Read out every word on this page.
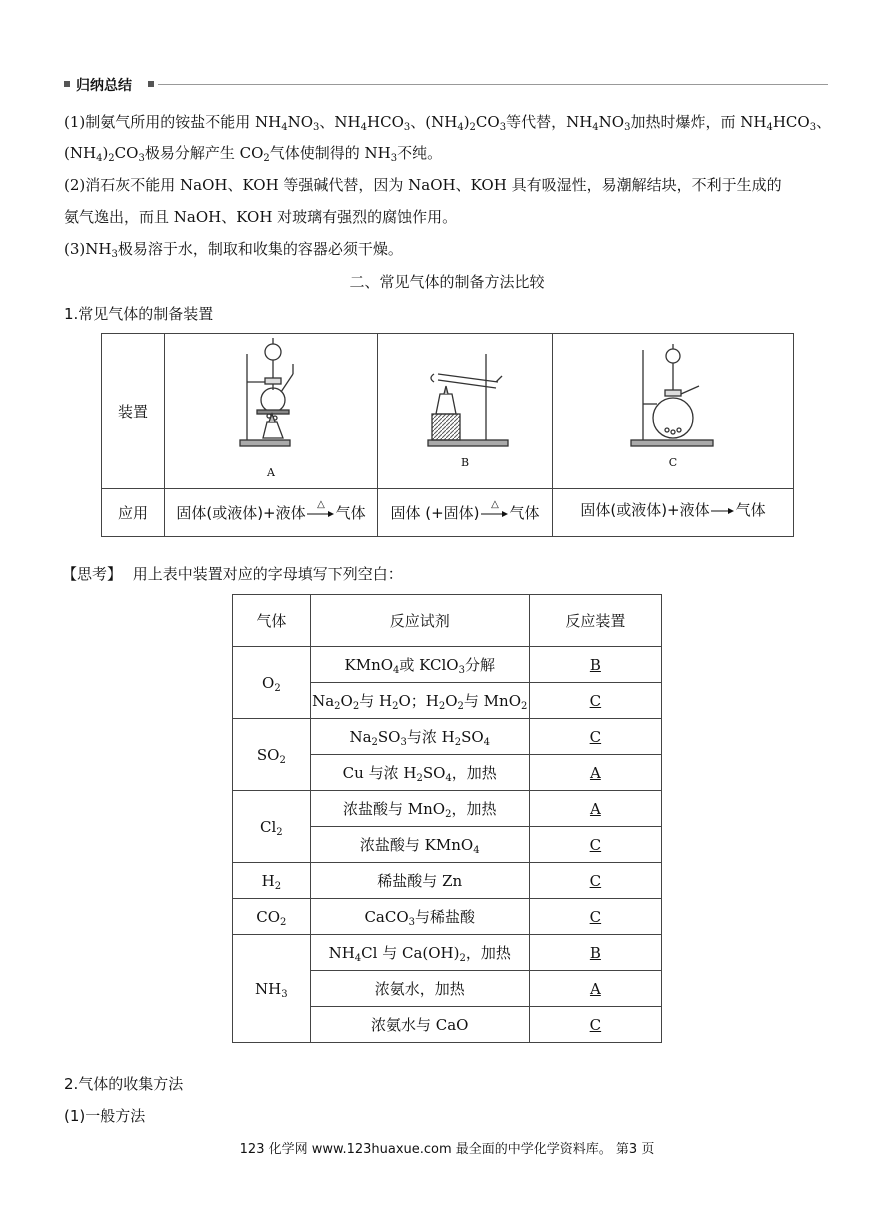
归纳总结
(1)制氨气所用的铵盐不能用 $NH_4NO_3$、$NH_4HCO_3$、$(NH_4)_2CO_3$等代替，$NH_4NO_3$加热时爆炸，而 $NH_4HCO_3$、
$(NH_4)_2CO_3$极易分解产生 $CO_2$气体使制得的 $NH_3$不纯。
(2)消石灰不能用 NaOH、KOH 等强碱代替，因为 NaOH、KOH 具有吸湿性，易潮解结块，不利于生成的
氨气逸出，而且 NaOH、KOH 对玻璃有强烈的腐蚀作用。
$(3)NH_3$极易溶于水，制取和收集的容器必须干燥。
二、常见气体的制备方法比较
1.常见气体的制备装置
装置	A	B	C

应用	固体(或液体)+液体 △ 气体	固体 (+固体) △ 气体	固体(或液体)+液体 气体
【思考】 用上表中装置对应的字母填写下列空白：
气体	反应试剂	反应装置
$O_2$	KMnO$_4$或 KClO$_3$分解	B
	$Na_2O_2$与 $H_2O$；$H_2O_2$与 MnO$_2$	C
$SO_2$	$Na_2SO_3$与浓 $H_2SO_4$	C
	Cu 与浓 $H_2SO_4$，加热	A
$Cl_2$	浓盐酸与 MnO$_2$，加热	A
	浓盐酸与 KMnO$_4$	C
$H_2$	稀盐酸与 Zn	C
$CO_2$	CaCO$_3$与稀盐酸	C
$NH_3$	$NH_4Cl$ 与 $Ca(OH)_2$，加热	B
	浓氨水，加热	A
	浓氨水与 CaO	C
2.气体的收集方法
(1)一般方法
123 化学网 www.123huaxue.com 最全面的中学化学资料库。 第3 页
